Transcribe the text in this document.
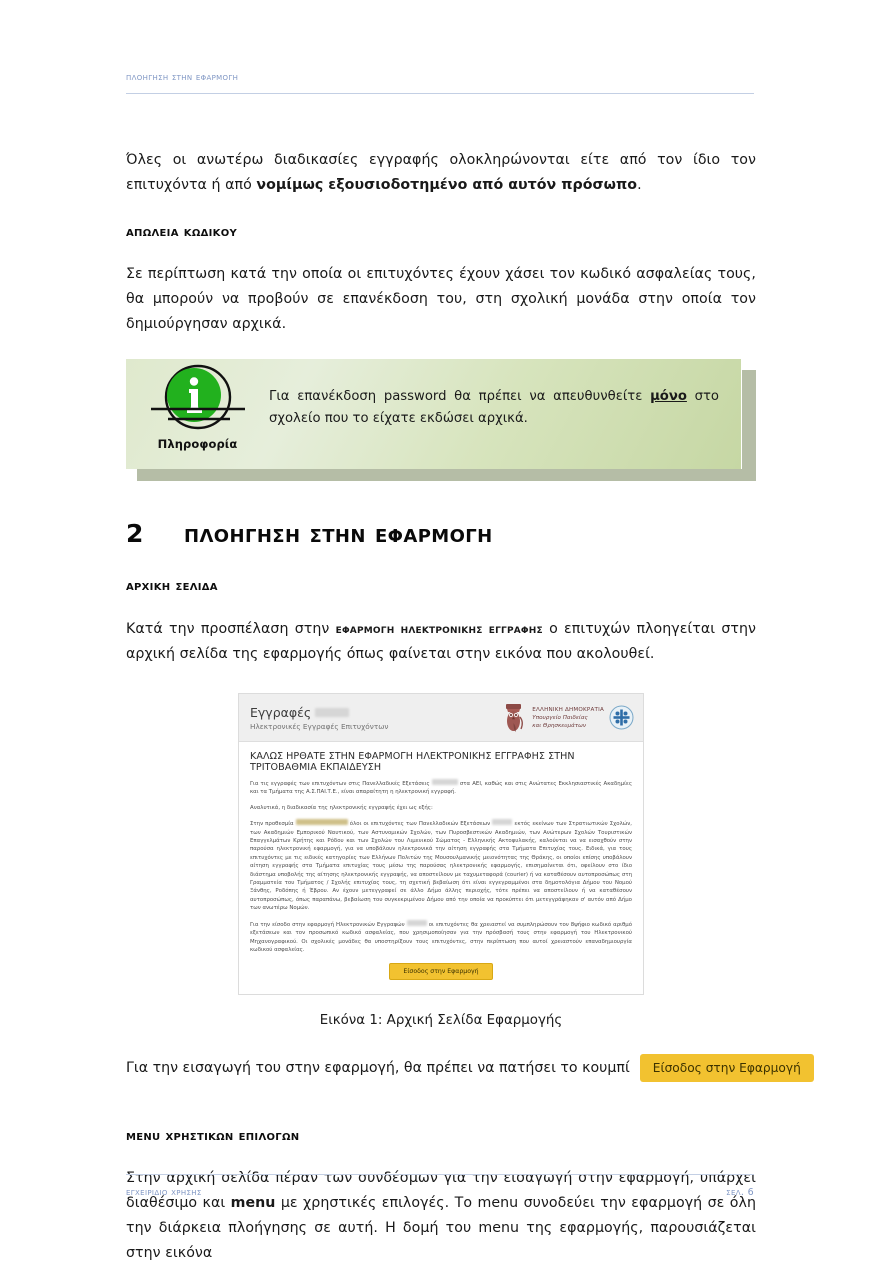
πλοηγηση στην εφαρμογη

Όλες οι ανωτέρω διαδικασίες εγγραφής ολοκληρώνονται είτε από τον ίδιο τον επιτυχόντα ή από νομίμως εξουσιοδοτημένο από αυτόν πρόσωπο.

απωλεια κωδικου

Σε περίπτωση κατά την οποία οι επιτυχόντες έχουν χάσει τον κωδικό ασφαλείας τους, θα μπορούν να προβούν σε επανέκδοση του, στη σχολική μονάδα στην οποία τον δημιούργησαν αρχικά.

Πληροφορία
Για επανέκδοση password θα πρέπει να απευθυνθείτε μόνο στο σχολείο που το είχατε εκδώσει αρχικά.
2	πλοηγηση στην εφαρμογη
αρχικη σελιδα

Κατά την προσπέλαση στην εφαρμογη ηλεκτρονικης εγγραφης ο επιτυχών πλοηγείται στην αρχική σελίδα της εφαρμογής όπως φαίνεται στην εικόνα που ακολουθεί.

Εγγραφές
Ηλεκτρονικές Εγγραφές Επιτυχόντων
ΕΛΛΗΝΙΚΗ ΔΗΜΟΚΡΑΤΙΑ
Υπουργείο Παιδείας
και Θρησκευμάτων
ΚΑΛΩΣ ΗΡΘΑΤΕ ΣΤΗΝ ΕΦΑΡΜΟΓΗ ΗΛΕΚΤΡΟΝΙΚΗΣ ΕΓΓΡΑΦΗΣ ΣΤΗΝ ΤΡΙΤΟΒΑΘΜΙΑ ΕΚΠΑΙΔΕΥΣΗ

Για τις εγγραφές των επιτυχόντων στις Πανελλαδικές Εξετάσεις	στα ΑΕΙ, καθώς και στις Ανώτατες Εκκλησιαστικές Ακαδημίες και τα Τμήματα της Α.Σ.ΠΑΙ.Τ.Ε., είναι απαραίτητη η ηλεκτρονική εγγραφή.

Αναλυτικά, η διαδικασία της ηλεκτρονικής εγγραφής έχει ως εξής:

Στην προθεσμία	όλοι οι επιτυχόντες των Πανελλαδικών Εξετάσεων	εκτός εκείνων των Στρατιωτικών Σχολών, των Ακαδημιών Εμπορικού Ναυτικού, των Αστυνομικών Σχολών, των Πυροσβεστικών Ακαδημιών, των Ανώτερων Σχολών Τουριστικών Επαγγελμάτων Κρήτης και Ρόδου και των Σχολών του Λιμενικού Σώματος - Ελληνικής Ακτοφυλακής, καλούνται να να εισαχθούν στην παρούσα ηλεκτρονική εφαρμογή, για να υποβάλουν ηλεκτρονικά την αίτηση εγγραφής στα Τμήματα Επιτυχίας τους. Ειδικά, για τους επιτυχόντες με τις ειδικές κατηγορίες των Ελλήνων Πολιτών της Μουσουλμανικής μειονότητας της Θράκης, οι οποίοι επίσης υποβάλουν αίτηση εγγραφής στα Τμήματα επιτυχίας τους μέσω της παρούσας ηλεκτρονικής εφαρμογής, επισημαίνεται ότι, οφείλουν στο ίδιο διάστημα υποβολής της αίτησης ηλεκτρονικής εγγραφής, να αποστείλουν με ταχυμεταφορά (courier) ή να καταθέσουν αυτοπροσώπως στη Γραμματεία του Τμήματος / Σχολής επιτυχίας τους, τη σχετική βεβαίωση ότι είναι εγγεγραμμένοι στα δημοτολόγια Δήμου του Νομού Ξάνθης, Ροδόπης ή Έβρου. Αν έχουν μετεγγραφεί σε άλλο Δήμο άλλης περιοχής, τότε πρέπει να αποστείλουν ή να καταθέσουν αυτοπροσώπως, όπως παραπάνω, βεβαίωση του συγκεκριμένου Δήμου από την οποία να προκύπτει ότι μετεγγράφηκαν σ' αυτόν από Δήμο των ανωτέρω Νομών.

Για την είσοδο στην εφαρμογή Ηλεκτρονικών Εγγραφών	οι επιτυχόντες θα χρειαστεί να συμπληρώσουν τον 8ψήφιο κωδικό αριθμό εξετάσεων και τον προσωπικό κωδικό ασφαλείας, που χρησιμοποίησαν για την πρόσβασή τους στην εφαρμογή του Ηλεκτρονικού Μηχανογραφικού. Οι σχολικές μονάδες θα υποστηρίξουν τους επιτυχόντες, στην περίπτωση που αυτοί χρειαστούν επαναδημιουργία κωδικού ασφαλείας.

Είσοδος στην Εφαρμογή
Εικόνα 1: Αρχική Σελίδα Εφαρμογής
Για την εισαγωγή του στην εφαρμογή, θα πρέπει να πατήσει το κουμπί	Είσοδος στην Εφαρμογή
menu χρηστικων επιλογων

Στην αρχική σελίδα πέραν των συνδέσμων για την εισαγωγή στην εφαρμογή, υπάρχει διαθέσιμο και menu με χρηστικές επιλογές. Το menu συνοδεύει την εφαρμογή σε όλη την διάρκεια πλοήγησης σε αυτή. Η δομή του menu της εφαρμογής, παρουσιάζεται στην εικόνα

εγχειριδιο χρησης	σελ. 6
